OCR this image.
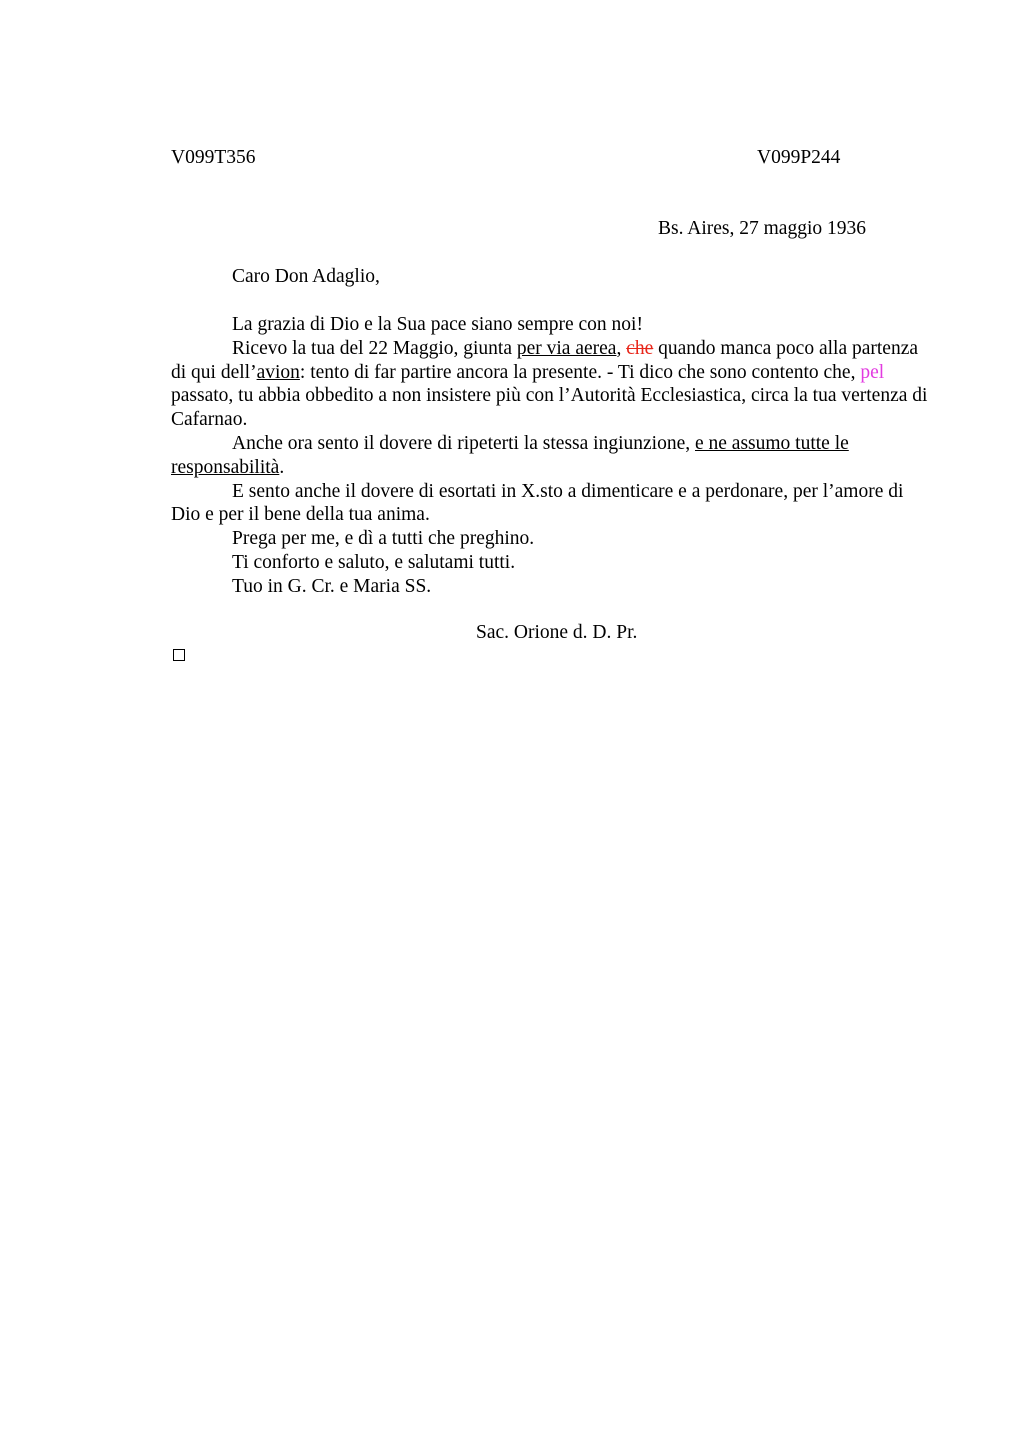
V099T356	V099P244
Bs. Aires, 27 maggio 1936
Caro Don Adaglio,

La grazia di Dio e la Sua pace siano sempre con noi!

Ricevo la tua del 22 Maggio, giunta per via aerea, che quando manca poco alla partenza di qui dell’avion: tento di far partire ancora la presente. - Ti dico che sono contento che, pel passato, tu abbia obbedito a non insistere più con l’Autorità Ecclesiastica, circa la tua vertenza di Cafarnao.

Anche ora sento il dovere di ripeterti la stessa ingiunzione, e ne assumo tutte le responsabilità.

E sento anche il dovere di esortati in X.sto a dimenticare e a perdonare, per l’amore di Dio e per il bene della tua anima.

Prega per me, e dì a tutti che preghino.

Ti conforto e saluto, e salutami tutti.

Tuo in G. Cr. e Maria SS.

Sac. Orione d. D. Pr.
